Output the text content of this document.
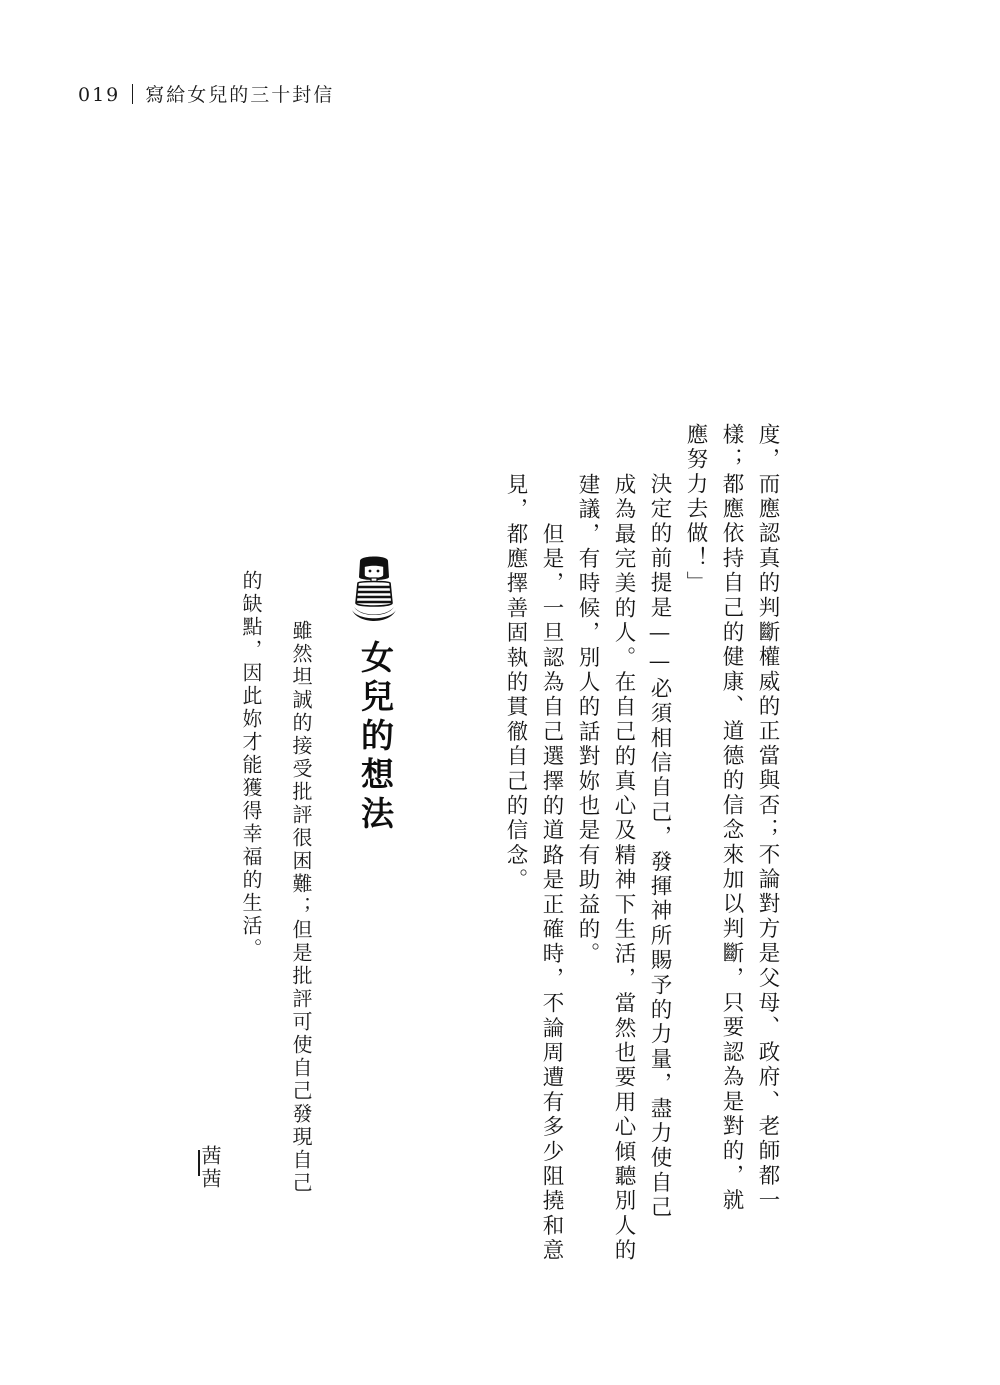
019 寫給女兒的三十封信
度，而應認真的判斷權威的正當與否；不論對方是父母、政府、老師都一
樣；都應依持自己的健康、道德的信念來加以判斷，只要認為是對的，就
應努力去做！」
　　決定的前提是——必須相信自己，發揮神所賜予的力量，盡力使自己
成為最完美的人。在自己的真心及精神下生活，當然也要用心傾聽別人的
建議，有時候，別人的話對妳也是有助益的。
　　但是，一旦認為自己選擇的道路是正確時，不論周遭有多少阻撓和意
見，都應擇善固執的貫徹自己的信念。
女兒的想法
雖然坦誠的接受批評很困難；但是批評可使自己發現自己
的缺點，因此妳才能獲得幸福的生活。
茜茜
